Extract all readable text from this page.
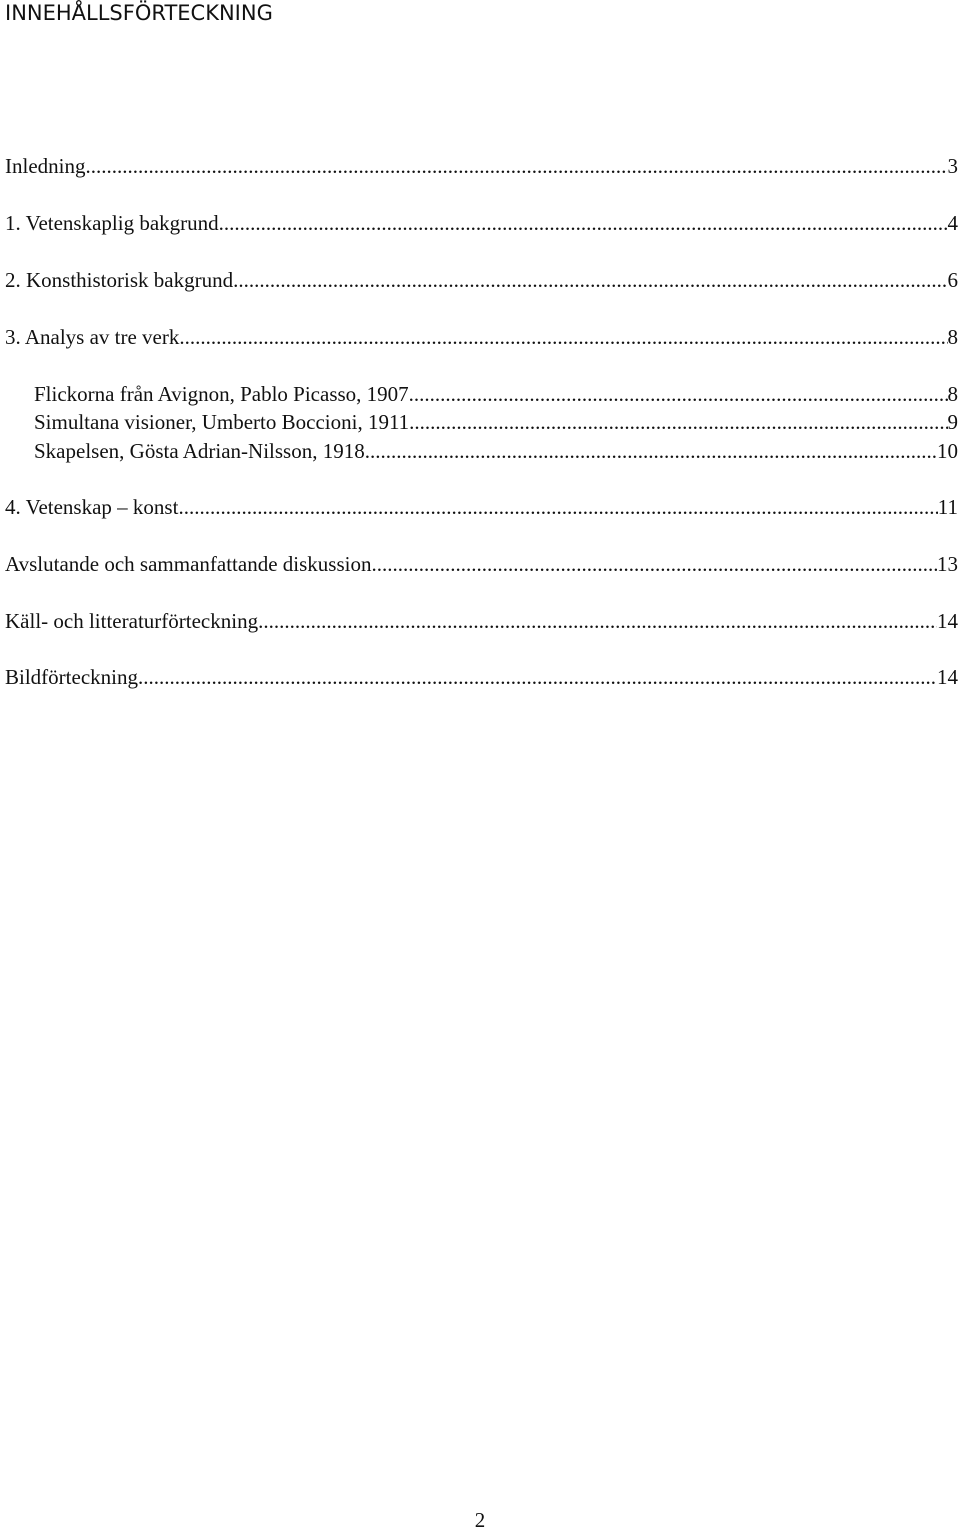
INNEHÅLLSFÖRTECKNING
Inledning .....	3
1. Vetenskaplig bakgrund .....	4
2. Konsthistorisk bakgrund .....	6
3. Analys av tre verk .....	8
Flickorna från Avignon, Pablo Picasso, 1907 .....	8
Simultana visioner, Umberto Boccioni, 1911 .....	9
Skapelsen, Gösta Adrian-Nilsson, 1918 .....	10
4. Vetenskap – konst .....	11
Avslutande och sammanfattande diskussion .....	13
Käll- och litteraturförteckning .....	14
Bildförteckning .....	14
2
